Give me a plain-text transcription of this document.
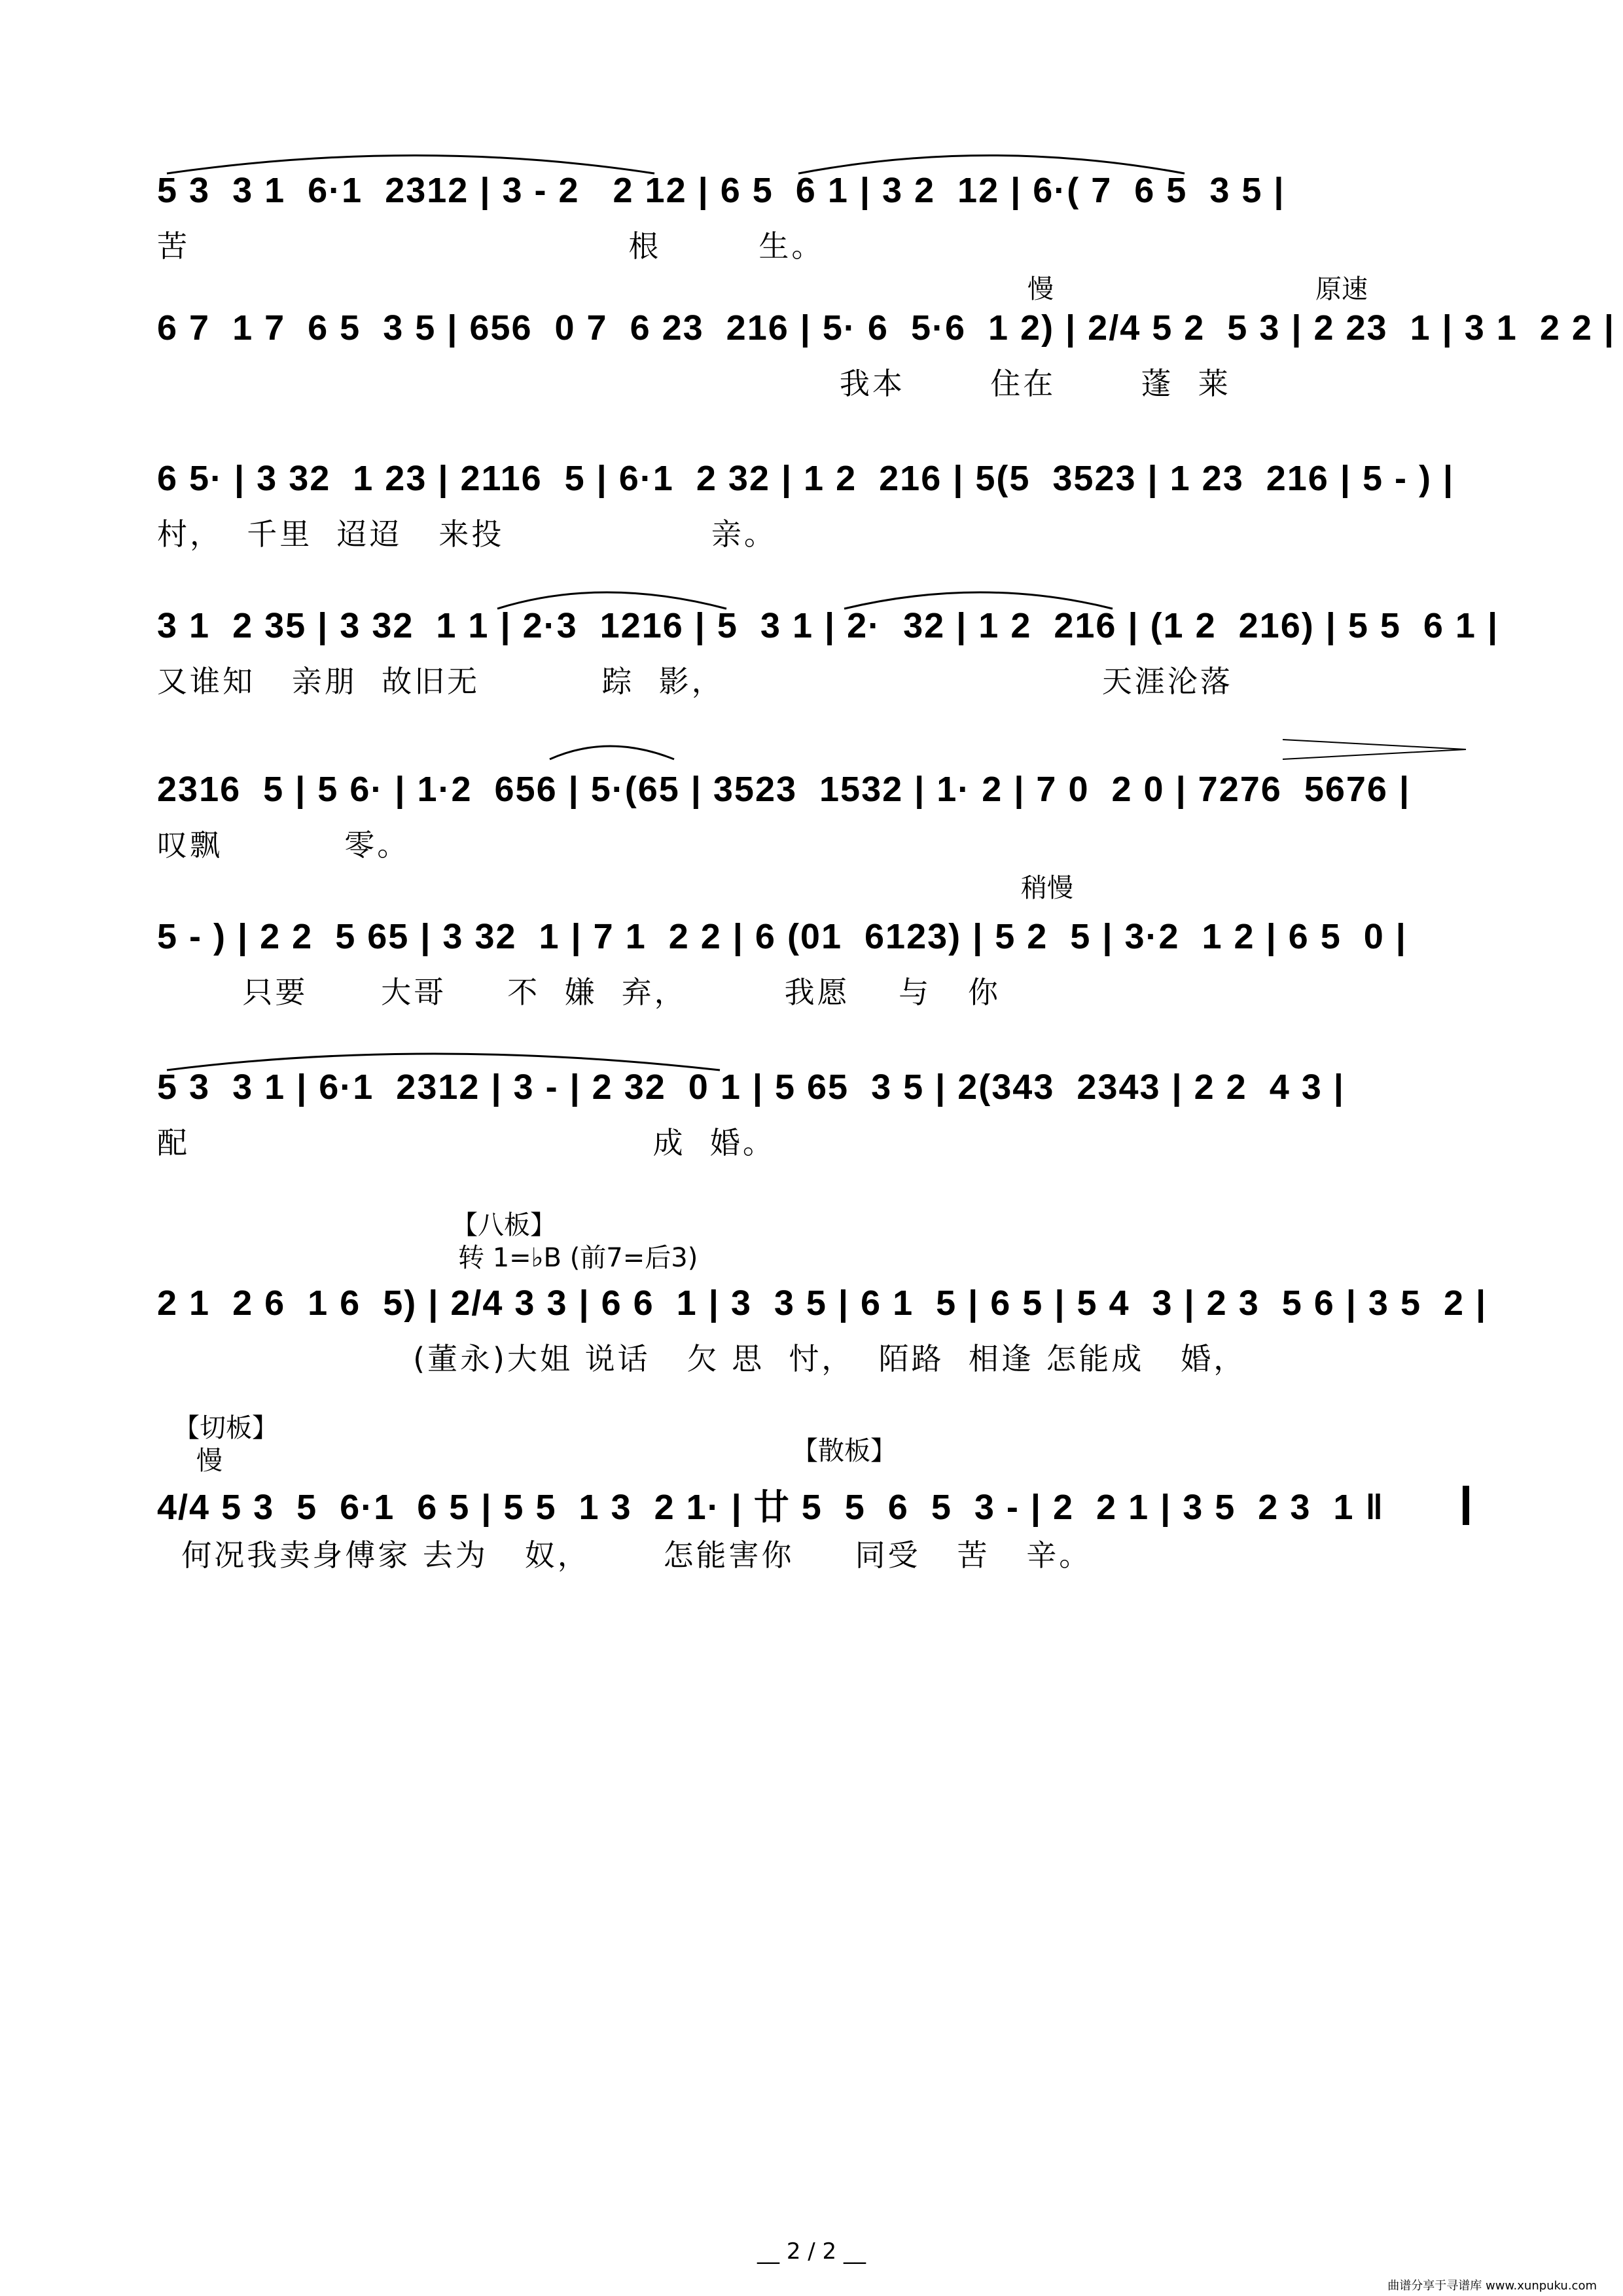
5 3  3 1  6·1  2312 | 3 - 2   2 12 | 6 5  6 1 | 3 2  12 | 6·( 7  6 5  3 5 |
苦                                    根        生。
慢	原速
6 7  1 7  6 5  3 5 | 656  0 7  6 23  216 | 5· 6  5·6  1 2) | 2/4 5 2  5 3 | 2 23  1 | 3 1  2 2 |
我本       住在       蓬  莱
6 5· | 3 32  1 23 | 2116  5 | 6·1  2 32 | 1 2  216 | 5(5  3523 | 1 23  216 | 5 - ) |
村，  千里  迢迢   来投                 亲。
3 1  2 35 | 3 32  1 1 | 2·3  1216 | 5  3 1 | 2·  32 | 1 2  216 | (1 2  216) | 5 5  6 1 |
又谁知   亲朋  故旧无          踪  影，                               天涯沦落
2316  5 | 5 6· | 1·2  656 | 5·(65 | 3523  1532 | 1· 2 | 7 0  2 0 | 7276  5676 |
叹飘          零。
稍慢
5 - ) | 2 2  5 65 | 3 32  1 | 7 1  2 2 | 6 (01  6123) | 5 2  5 | 3·2  1 2 | 6 5  0 |
只要      大哥     不  嫌  弃，        我愿    与   你
5 3  3 1 | 6·1  2312 | 3 - | 2 32  0 1 | 5 65  3 5 | 2(343  2343 | 2 2  4 3 |
配                                      成  婚。
【八板】
转 1=♭B (前7=后3)
2 1  2 6  1 6  5) | 2/4 3 3 | 6 6  1 | 3  3 5 | 6 1  5 | 6 5 | 5 4  3 | 2 3  5 6 | 3 5  2 |
(董永)大姐 说话   欠 思  忖，  陌路  相逢 怎能成   婚，
【切板】
慢	【散板】
4/4 5 3  5  6·1  6 5 | 5 5  1 3  2 1· | 廿 5  5  6  5  3 - | 2  2 1 | 3 5  2 3  1 ‖
何况我卖身傅家 去为   奴，      怎能害你     同受   苦   辛。
__ 2 / 2 __
曲谱分享于寻谱库 www.xunpuku.com
